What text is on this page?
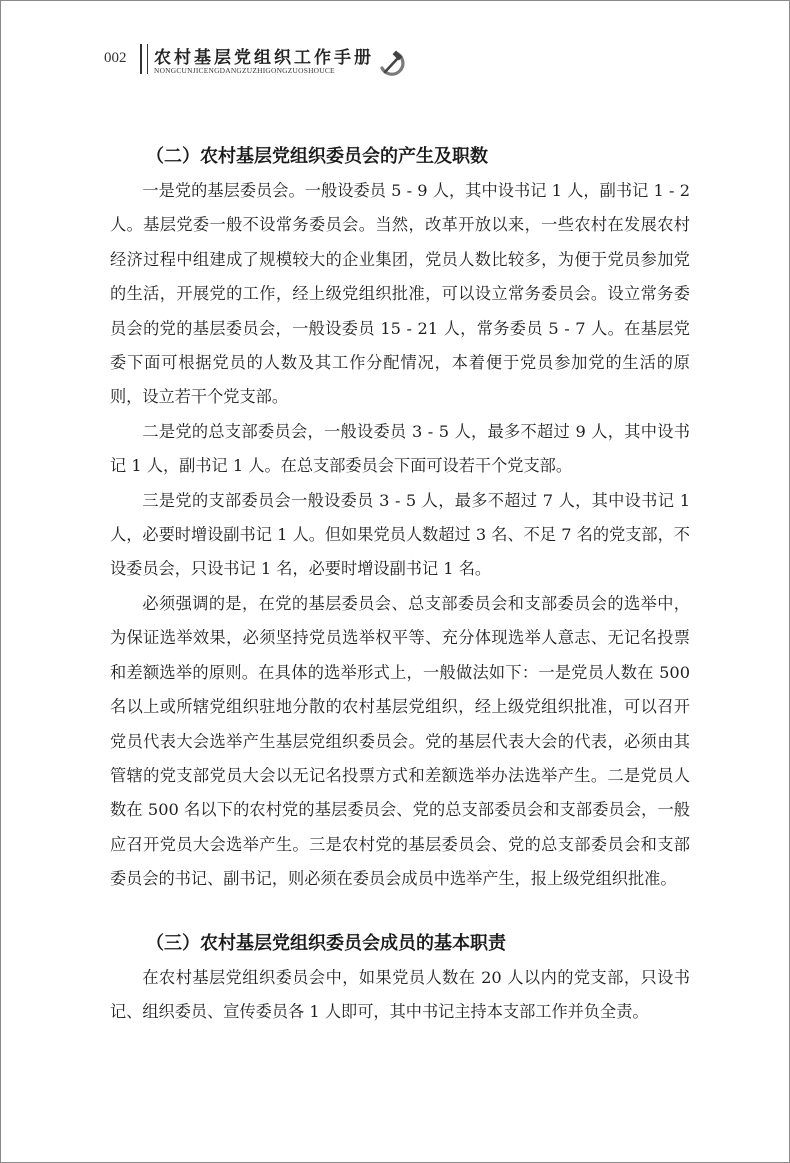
002 农村基层党组织工作手册
NONGCUNJICENGDANGZUZHIGONGZUOSHOUCE
（二）农村基层党组织委员会的产生及职数

一是党的基层委员会。一般设委员 5 - 9 人，其中设书记 1 人，副书记 1 - 2 人。基层党委一般不设常务委员会。当然，改革开放以来，一些农村在发展农村经济过程中组建成了规模较大的企业集团，党员人数比较多，为便于党员参加党的生活，开展党的工作，经上级党组织批准，可以设立常务委员会。设立常务委员会的党的基层委员会，一般设委员 15 - 21 人，常务委员 5 - 7 人。在基层党委下面可根据党员的人数及其工作分配情况，本着便于党员参加党的生活的原则，设立若干个党支部。

二是党的总支部委员会，一般设委员 3 - 5 人，最多不超过 9 人，其中设书记 1 人，副书记 1 人。在总支部委员会下面可设若干个党支部。

三是党的支部委员会一般设委员 3 - 5 人，最多不超过 7 人，其中设书记 1 人，必要时增设副书记 1 人。但如果党员人数超过 3 名、不足 7 名的党支部，不设委员会，只设书记 1 名，必要时增设副书记 1 名。

必须强调的是，在党的基层委员会、总支部委员会和支部委员会的选举中，为保证选举效果，必须坚持党员选举权平等、充分体现选举人意志、无记名投票和差额选举的原则。在具体的选举形式上，一般做法如下：一是党员人数在 500 名以上或所辖党组织驻地分散的农村基层党组织，经上级党组织批准，可以召开党员代表大会选举产生基层党组织委员会。党的基层代表大会的代表，必须由其管辖的党支部党员大会以无记名投票方式和差额选举办法选举产生。二是党员人数在 500 名以下的农村党的基层委员会、党的总支部委员会和支部委员会，一般应召开党员大会选举产生。三是农村党的基层委员会、党的总支部委员会和支部委员会的书记、副书记，则必须在委员会成员中选举产生，报上级党组织批准。

（三）农村基层党组织委员会成员的基本职责

在农村基层党组织委员会中，如果党员人数在 20 人以内的党支部，只设书记、组织委员、宣传委员各 1 人即可，其中书记主持本支部工作并负全责。
